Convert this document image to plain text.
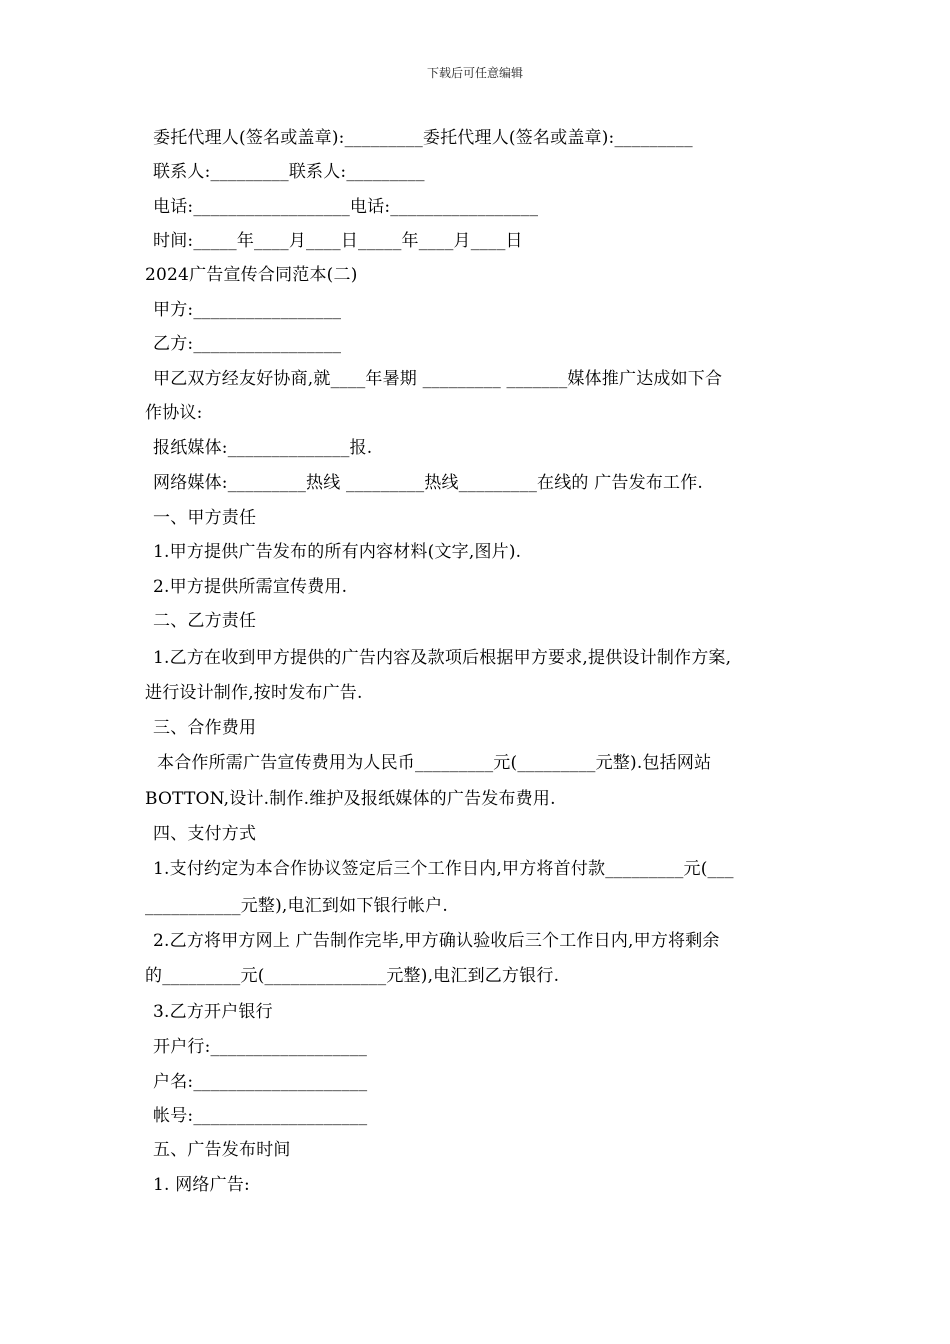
下载后可任意编辑
委托代理人(签名或盖章):_________委托代理人(签名或盖章):_________
联系人:_________联系人:_________
电话:__________________电话:_________________
时间:_____年____月____日_____年____月____日
2024广告宣传合同范本(二)
甲方:_________________
乙方:_________________
甲乙双方经友好协商,就____年暑期 _________ _______媒体推广达成如下合
作协议:
报纸媒体:______________报.
网络媒体:_________热线 _________热线_________在线的 广告发布工作.
一、甲方责任
1.甲方提供广告发布的所有内容材料(文字,图片).
2.甲方提供所需宣传费用.
二、乙方责任
1.乙方在收到甲方提供的广告内容及款项后根据甲方要求,提供设计制作方案,
进行设计制作,按时发布广告.
三、合作费用
本合作所需广告宣传费用为人民币_________元(_________元整).包括网站
BOTTON,设计.制作.维护及报纸媒体的广告发布费用.
四、支付方式
1.支付约定为本合作协议签定后三个工作日内,甲方将首付款_________元(___
___________元整),电汇到如下银行帐户.
2.乙方将甲方网上 广告制作完毕,甲方确认验收后三个工作日内,甲方将剩余
的_________元(______________元整),电汇到乙方银行.
3.乙方开户银行
开户行:__________________
户名:____________________
帐号:____________________
五、广告发布时间
1. 网络广告:
